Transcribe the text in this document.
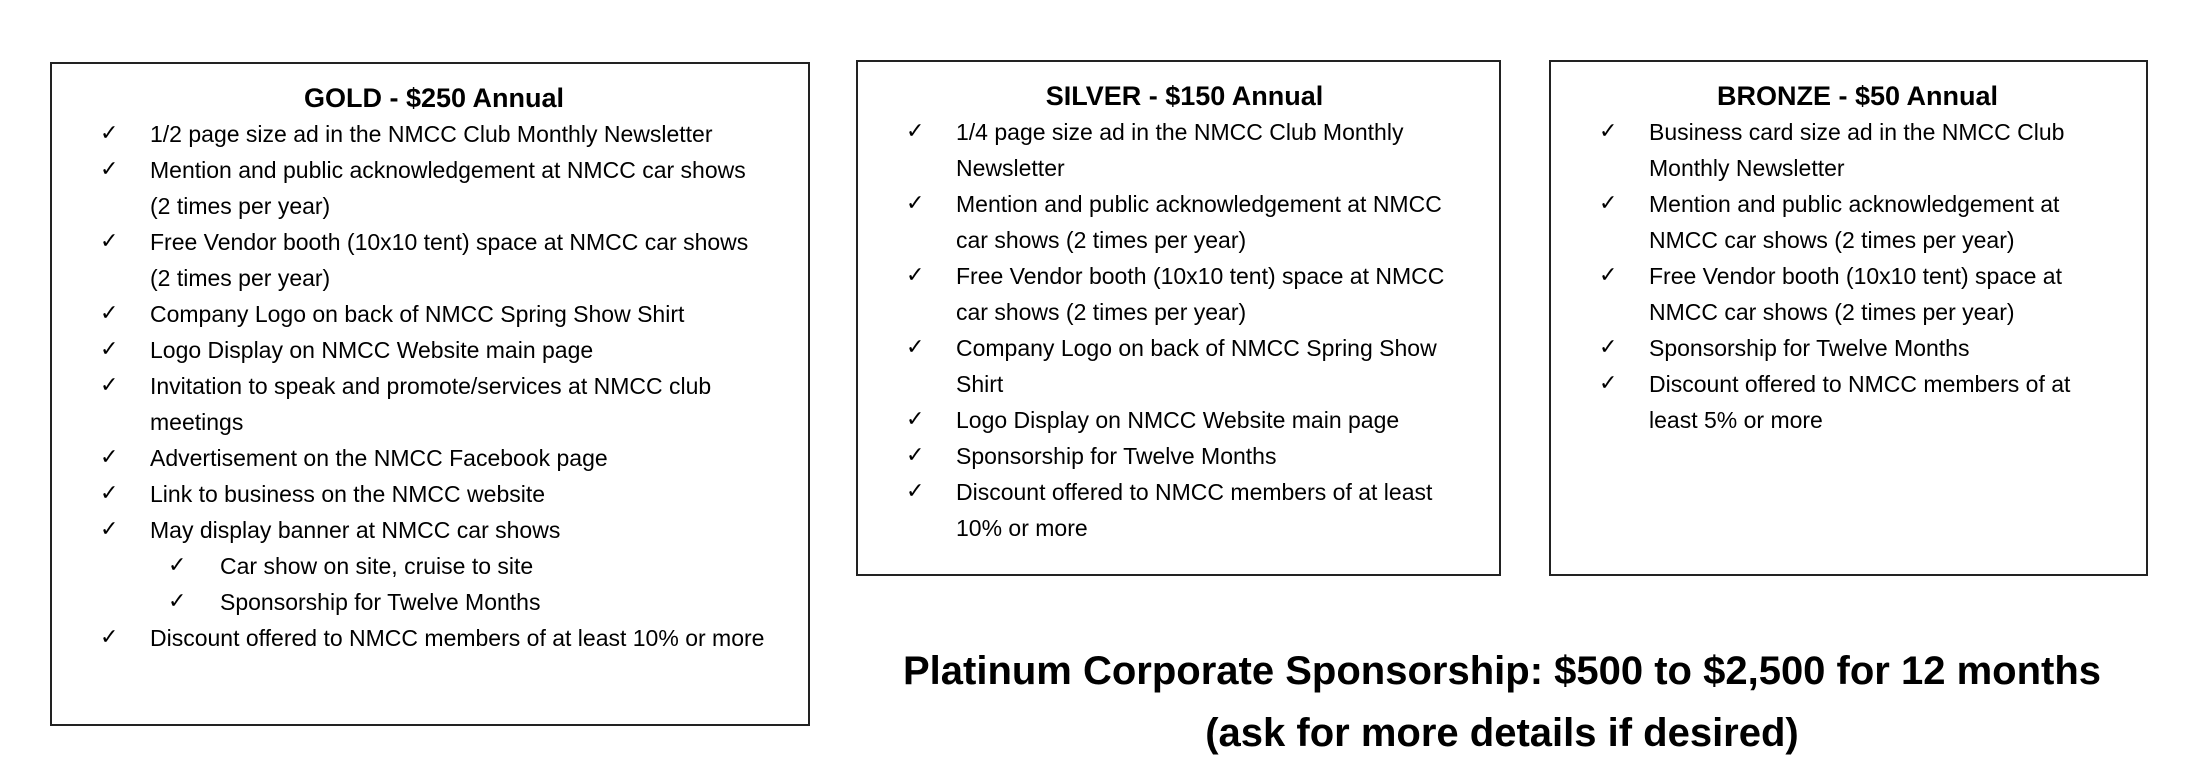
GOLD - $250 Annual
✓	1/2 page size ad in the NMCC Club Monthly Newsletter
✓	Mention and public acknowledgement at NMCC car shows (2 times per year)
✓	Free Vendor booth (10x10 tent) space at NMCC car shows (2 times per year)
✓	Company Logo on back of NMCC Spring Show Shirt
✓	Logo Display on NMCC Website main page
✓	Invitation to speak and promote/services at NMCC club meetings
✓	Advertisement on the NMCC Facebook page
✓	Link to business on the NMCC website
✓	May display banner at NMCC car shows
✓	Car show on site, cruise to site
✓	Sponsorship for Twelve Months
✓	Discount offered to NMCC members of at least 10% or more
SILVER - $150 Annual
✓	1/4 page size ad in the NMCC Club Monthly Newsletter
✓	Mention and public acknowledgement at NMCC car shows (2 times per year)
✓	Free Vendor booth (10x10 tent) space at NMCC car shows (2 times per year)
✓	Company Logo on back of NMCC Spring Show Shirt
✓	Logo Display on NMCC Website main page
✓	Sponsorship for Twelve Months
✓	Discount offered to NMCC members of at least 10% or more
BRONZE - $50 Annual
✓	Business card size ad in the NMCC Club Monthly Newsletter
✓	Mention and public acknowledgement at NMCC car shows (2 times per year)
✓	Free Vendor booth (10x10 tent) space at NMCC car shows (2 times per year)
✓	Sponsorship for Twelve Months
✓	Discount offered to NMCC members of at least 5% or more
Platinum Corporate Sponsorship: $500 to $2,500 for 12 months
(ask for more details if desired)
